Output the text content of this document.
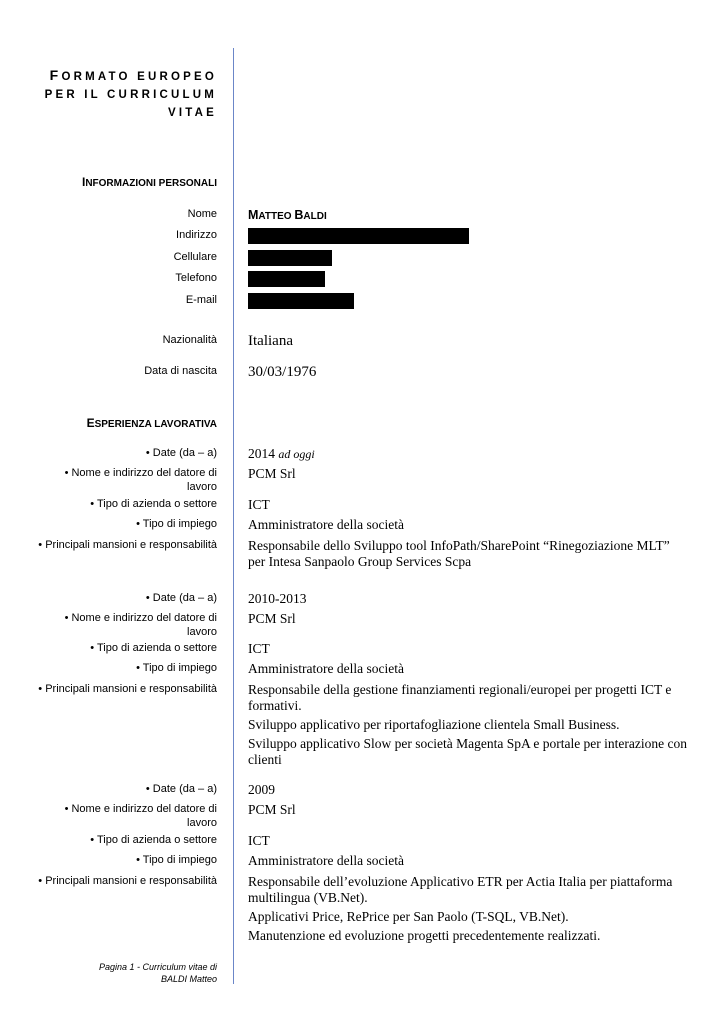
FORMATO EUROPEO
PER IL CURRICULUM
VITAE
INFORMAZIONI PERSONALI
Nome MATTEO BALDI
Indirizzo
Cellulare
Telefono
E-mail
Nazionalità Italiana
Data di nascita 30/03/1976
ESPERIENZA LAVORATIVA
• Date (da – a) 2014 ad oggi
• Nome e indirizzo del datore di lavoro
PCM Srl
• Tipo di azienda o settore ICT
• Tipo di impiego Amministratore della società
• Principali mansioni e responsabilità Responsabile dello Sviluppo tool InfoPath/SharePoint “Rinegoziazione MLT” per Intesa Sanpaolo Group Services Scpa

• Date (da – a) 2010-2013
• Nome e indirizzo del datore di lavoro
PCM Srl
• Tipo di azienda o settore ICT
• Tipo di impiego Amministratore della società
• Principali mansioni e responsabilità Responsabile della gestione finanziamenti regionali/europei per progetti ICT e formativi.

Sviluppo applicativo per riportafogliazione clientela Small Business.

Sviluppo applicativo Slow per società Magenta SpA e portale per interazione con clienti

• Date (da – a) 2009
• Nome e indirizzo del datore di lavoro
PCM Srl
• Tipo di azienda o settore ICT
• Tipo di impiego Amministratore della società
• Principali mansioni e responsabilità Responsabile dell’evoluzione Applicativo ETR per Actia Italia per piattaforma multilingua (VB.Net).

Applicativi Price, RePrice per San Paolo (T-SQL, VB.Net).

Manutenzione ed evoluzione progetti precedentemente realizzati.

Pagina 1 - Curriculum vitae di
BALDI Matteo
